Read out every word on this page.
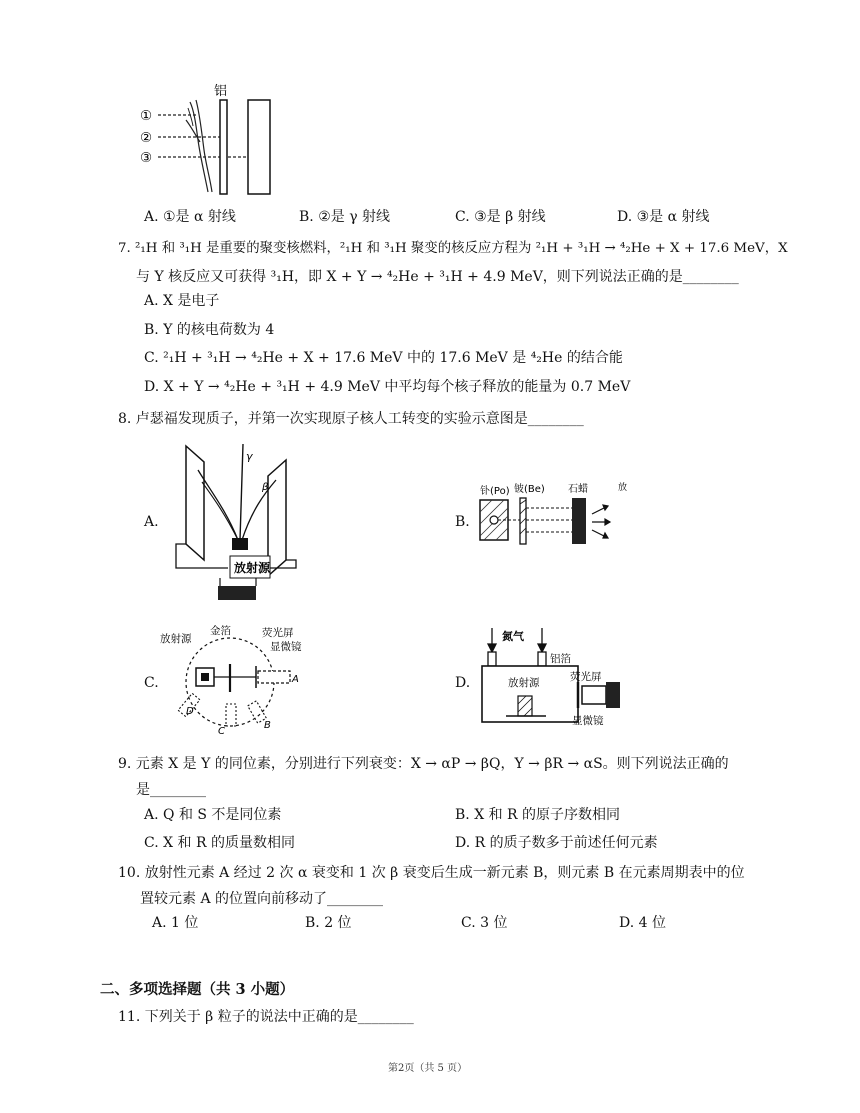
①
②
③
铝
A. ①是 α 射线	B. ②是 γ 射线	C. ③是 β 射线	D. ③是 α 射线
7. ²₁H 和 ³₁H 是重要的聚变核燃料，²₁H 和 ³₁H 聚变的核反应方程为 ²₁H + ³₁H → ⁴₂He + X + 17.6 MeV，X
与 Y 核反应又可获得 ³₁H，即 X + Y → ⁴₂He + ³₁H + 4.9 MeV，则下列说法正确的是________
A. X 是电子
B. Y 的核电荷数为 4
C. ²₁H + ³₁H → ⁴₂He + X + 17.6 MeV 中的 17.6 MeV 是 ⁴₂He 的结合能
D. X + Y → ⁴₂He + ³₁H + 4.9 MeV 中平均每个核子释放的能量为 0.7 MeV
8. 卢瑟福发现质子，并第一次实现原子核人工转变的实验示意图是________
A.	B.
C.	D.
γ
β
放射源
钋(Po) 铍(Be) 石蜡	放
放射源
金箔	荧光屏
显微镜
A
B
C
D
氮气
铝箔
放射源	荧光屏
显微镜
9. 元素 X 是 Y 的同位素，分别进行下列衰变：X → αP → βQ，Y → βR → αS。则下列说法正确的
是________
A. Q 和 S 不是同位素	B. X 和 R 的原子序数相同
C. X 和 R 的质量数相同	D. R 的质子数多于前述任何元素
10. 放射性元素 A 经过 2 次 α 衰变和 1 次 β 衰变后生成一新元素 B，则元素 B 在元素周期表中的位
置较元素 A 的位置向前移动了________
A. 1 位	B. 2 位	C. 3 位	D. 4 位
二、多项选择题（共 3 小题）
11. 下列关于 β 粒子的说法中正确的是________
第2页（共 5 页）
